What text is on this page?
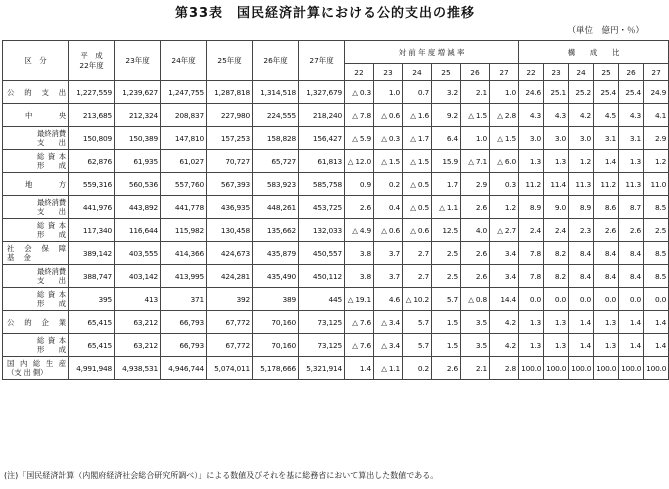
第33表　国民経済計算における公的支出の推移
（単位　億円・％）
区　分	平　成
22年度	23年度	24年度	25年度	26年度	27年度	対 前 年 度 増 減 率						構　　成　　比					
							22	23	24	25	26	27	22	23	24	25	26	27

公 的 支 出	1,227,559	1,239,627	1,247,755	1,287,818	1,314,518	1,327,679	△ 0.3	1.0	0.7	3.2	2.1	1.0	24.6	25.1	25.2	25.4	25.4	24.9

中　　央	213,685	212,324	208,837	227,980	224,555	218,240	△ 7.8	△ 0.6	△ 1.6	9.2	△ 1.5	△ 2.8	4.3	4.3	4.2	4.5	4.3	4.1

最終消費
支　　出	150,809	150,389	147,810	157,253	158,828	156,427	△ 5.9	△ 0.3	△ 1.7	6.4	1.0	△ 1.5	3.0	3.0	3.0	3.1	3.1	2.9

総 資 本
形　　成	62,876	61,935	61,027	70,727	65,727	61,813	△ 12.0	△ 1.5	△ 1.5	15.9	△ 7.1	△ 6.0	1.3	1.3	1.2	1.4	1.3	1.2

地　　方	559,316	560,536	557,760	567,393	583,923	585,758	0.9	0.2	△ 0.5	1.7	2.9	0.3	11.2	11.4	11.3	11.2	11.3	11.0

最終消費
支　　出	441,976	443,892	441,778	436,935	448,261	453,725	2.6	0.4	△ 0.5	△ 1.1	2.6	1.2	8.9	9.0	8.9	8.6	8.7	8.5

総 資 本
形　　成	117,340	116,644	115,982	130,458	135,662	132,033	△ 4.9	△ 0.6	△ 0.6	12.5	4.0	△ 2.7	2.4	2.4	2.3	2.6	2.6	2.5

社 会 保 障
基　 金	389,142	403,555	414,366	424,673	435,879	450,557	3.8	3.7	2.7	2.5	2.6	3.4	7.8	8.2	8.4	8.4	8.4	8.5

最終消費
支　　出	388,747	403,142	413,995	424,281	435,490	450,112	3.8	3.7	2.7	2.5	2.6	3.4	7.8	8.2	8.4	8.4	8.4	8.5

総 資 本
形　　成	395	413	371	392	389	445	△ 19.1	4.6	△ 10.2	5.7	△ 0.8	14.4	0.0	0.0	0.0	0.0	0.0	0.0

公 的 企 業	65,415	63,212	66,793	67,772	70,160	73,125	△ 7.6	△ 3.4	5.7	1.5	3.5	4.2	1.3	1.3	1.4	1.3	1.4	1.4

総 資 本
形　　成	65,415	63,212	66,793	67,772	70,160	73,125	△ 7.6	△ 3.4	5.7	1.5	3.5	4.2	1.3	1.3	1.4	1.3	1.4	1.4

国内総生産
（支 出 側）	4,991,948	4,938,531	4,946,744	5,074,011	5,178,666	5,321,914	1.4	△ 1.1	0.2	2.6	2.1	2.8	100.0	100.0	100.0	100.0	100.0	100.0
(注)「国民経済計算（内閣府経済社会総合研究所調べ）」による数値及びそれを基に総務省において算出した数値である。
